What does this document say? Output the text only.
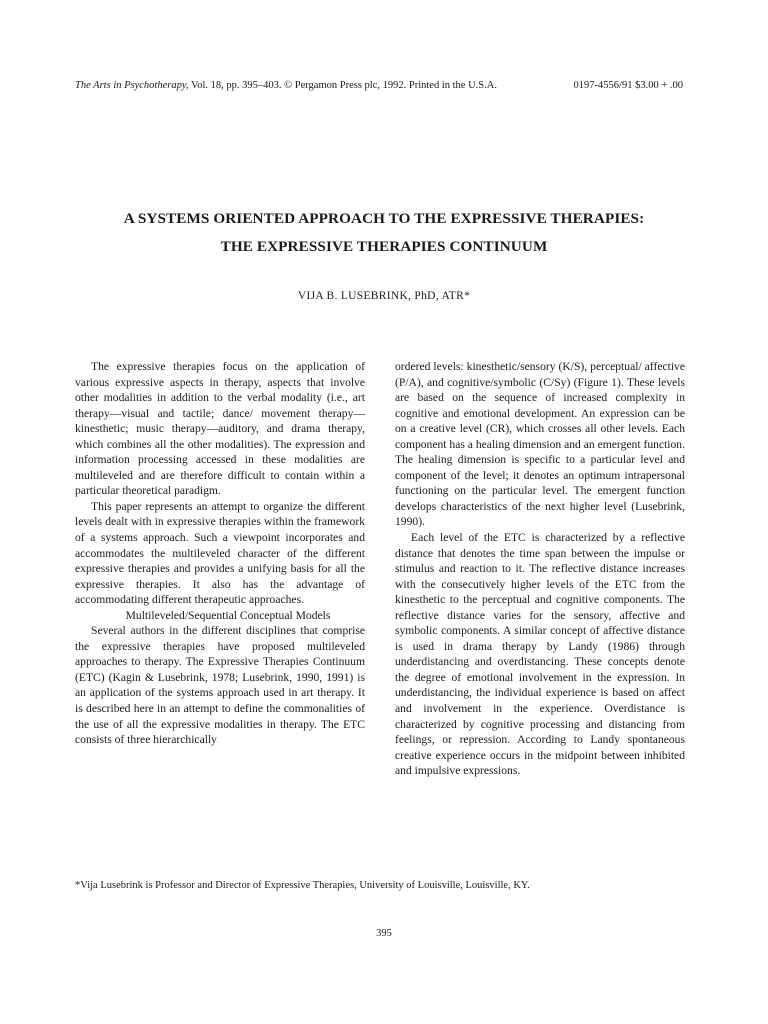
The Arts in Psychotherapy, Vol. 18, pp. 395–403. © Pergamon Press plc, 1992. Printed in the U.S.A.	0197-4556/91 $3.00 + .00
A SYSTEMS ORIENTED APPROACH TO THE EXPRESSIVE THERAPIES:
THE EXPRESSIVE THERAPIES CONTINUUM
VIJA B. LUSEBRINK, PhD, ATR*

The expressive therapies focus on the application of various expressive aspects in therapy, aspects that involve other modalities in addition to the verbal modality (i.e., art therapy—visual and tactile; dance/ movement therapy—kinesthetic; music therapy—auditory, and drama therapy, which combines all the other modalities). The expression and information processing accessed in these modalities are multileveled and are therefore difficult to contain within a particular theoretical paradigm.

This paper represents an attempt to organize the different levels dealt with in expressive therapies within the framework of a systems approach. Such a viewpoint incorporates and accommodates the multileveled character of the different expressive therapies and provides a unifying basis for all the expressive therapies. It also has the advantage of accommodating different therapeutic approaches.

Multileveled/Sequential Conceptual Models

Several authors in the different disciplines that comprise the expressive therapies have proposed multileveled approaches to therapy. The Expressive Therapies Continuum (ETC) (Kagin & Lusebrink, 1978; Lusebrink, 1990, 1991) is an application of the systems approach used in art therapy. It is described here in an attempt to define the commonalities of the use of all the expressive modalities in therapy. The ETC consists of three hierarchically

ordered levels: kinesthetic/sensory (K/S), perceptual/ affective (P/A), and cognitive/symbolic (C/Sy) (Figure 1). These levels are based on the sequence of increased complexity in cognitive and emotional development. An expression can be on a creative level (CR), which crosses all other levels. Each component has a healing dimension and an emergent function. The healing dimension is specific to a particular level and component of the level; it denotes an optimum intrapersonal functioning on the particular level. The emergent function develops characteristics of the next higher level (Lusebrink, 1990).

Each level of the ETC is characterized by a reflective distance that denotes the time span between the impulse or stimulus and reaction to it. The reflective distance increases with the consecutively higher levels of the ETC from the kinesthetic to the perceptual and cognitive components. The reflective distance varies for the sensory, affective and symbolic components. A similar concept of affective distance is used in drama therapy by Landy (1986) through underdistancing and overdistancing. These concepts denote the degree of emotional involvement in the expression. In underdistancing, the individual experience is based on affect and involvement in the experience. Overdistance is characterized by cognitive processing and distancing from feelings, or repression. According to Landy spontaneous creative experience occurs in the midpoint between inhibited and impulsive expressions.

*Vija Lusebrink is Professor and Director of Expressive Therapies, University of Louisville, Louisville, KY.
395
